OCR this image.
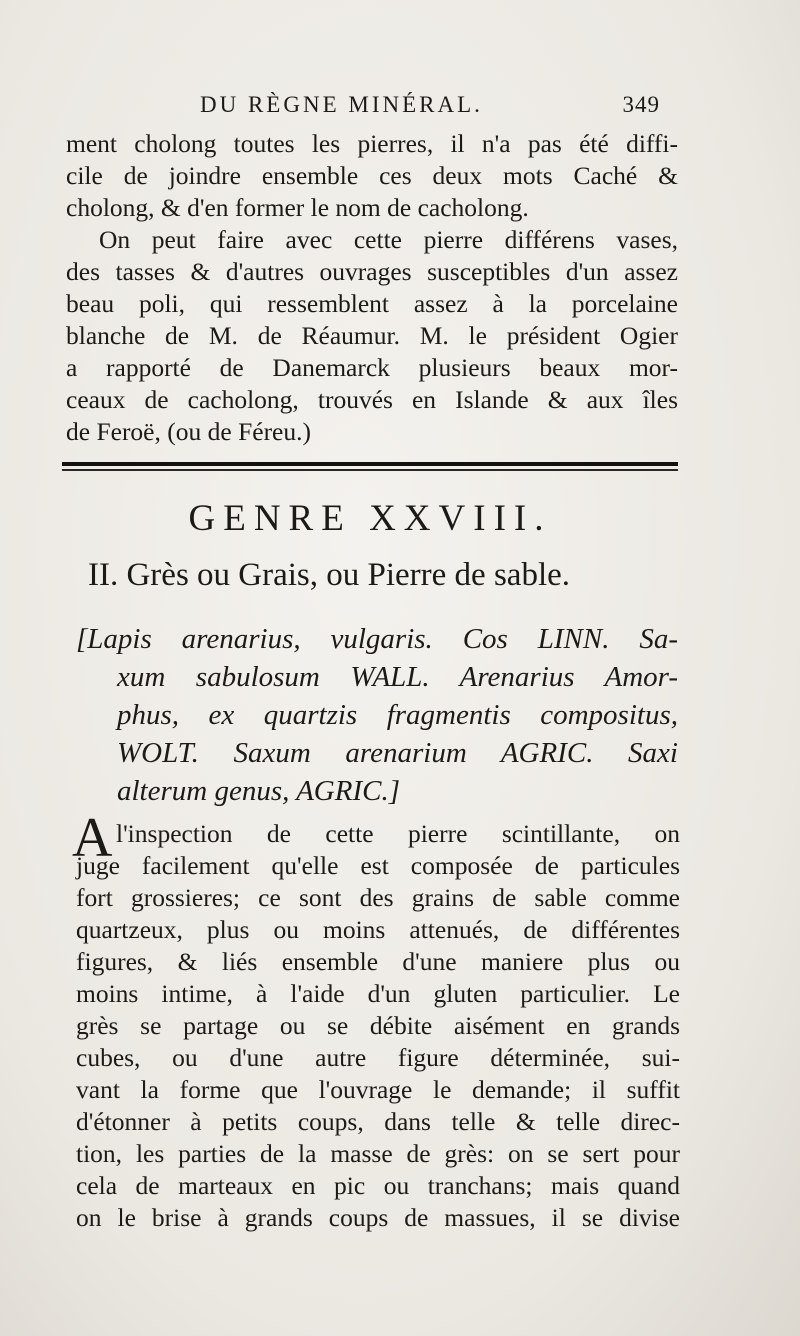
DU RÈGNE MINÉRAL.	349
ment cholong toutes les pierres, il n'a pas été diffi-
cile de joindre ensemble ces deux mots Caché &
cholong, & d'en former le nom de cacholong.
On peut faire avec cette pierre différens vases,
des tasses & d'autres ouvrages susceptibles d'un assez
beau poli, qui ressemblent assez à la porcelaine
blanche de M. de Réaumur. M. le président Ogier
a rapporté de Danemarck plusieurs beaux mor-
ceaux de cacholong, trouvés en Islande & aux îles
de Feroë, (ou de Féreu.)
GENRE XXVIII.
II. Grès ou Grais, ou Pierre de sable.
[Lapis arenarius, vulgaris. Cos LINN. Sa-
xum sabulosum WALL. Arenarius Amor-
phus, ex quartzis fragmentis compositus,
WOLT. Saxum arenarium AGRIC. Saxi
alterum genus, AGRIC.]
A l'inspection de cette pierre scintillante, on
juge facilement qu'elle est composée de particules
fort grossieres; ce sont des grains de sable comme
quartzeux, plus ou moins attenués, de différentes
figures, & liés ensemble d'une maniere plus ou
moins intime, à l'aide d'un gluten particulier. Le
grès se partage ou se débite aisément en grands
cubes, ou d'une autre figure déterminée, sui-
vant la forme que l'ouvrage le demande; il suffit
d'étonner à petits coups, dans telle & telle direc-
tion, les parties de la masse de grès: on se sert pour
cela de marteaux en pic ou tranchans; mais quand
on le brise à grands coups de massues, il se divise
